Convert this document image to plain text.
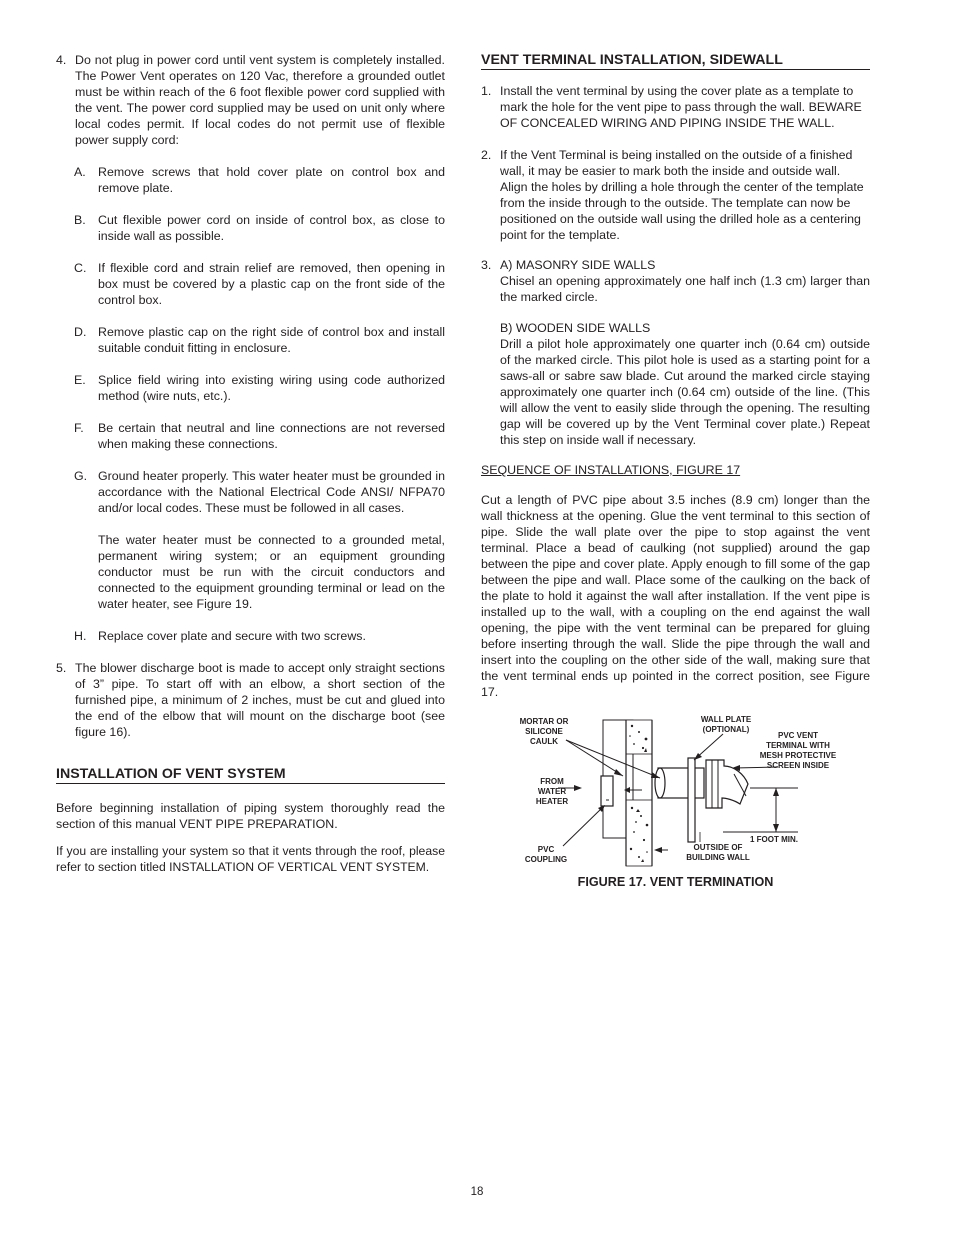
4. Do not plug in power cord until vent system is completely installed. The Power Vent operates on 120 Vac, therefore a grounded outlet must be within reach of the 6 foot flexible power cord supplied with the vent. The power cord supplied may be used on unit only where local codes permit. If local codes do not permit use of flexible power supply cord:
A. Remove screws that hold cover plate on control box and remove plate.
B. Cut flexible power cord on inside of control box, as close to inside wall as possible.
C. If flexible cord and strain relief are removed, then opening in box must be covered by a plastic cap on the front side of the control box.
D. Remove plastic cap on the right side of control box and install suitable conduit fitting in enclosure.
E. Splice field wiring into existing wiring using code authorized method (wire nuts, etc.).
F.	Be certain that neutral and line connections are not reversed when making these connections.
G. Ground heater properly. This water heater must be grounded in accordance with the National Electrical Code ANSI/ NFPA70 and/or local codes. These must be followed in all cases.
The water heater must be connected to a grounded metal, permanent wiring system; or an equipment grounding conductor must be run with the circuit conductors and connected to the equipment grounding terminal or lead on the water heater, see Figure 19.
H. Replace cover plate and secure with two screws.
5. The blower discharge boot is made to accept only straight sections of 3” pipe. To start off with an elbow, a short section of the furnished pipe, a minimum of 2 inches, must be cut and glued into the end of the elbow that will mount on the discharge boot (see figure 16).
INSTALLATION OF VENT SYSTEM

Before beginning installation of piping system thoroughly read the section of this manual VENT PIPE PREPARATION.

If you are installing your system so that it vents through the roof, please refer to section titled INSTALLATION OF VERTICAL VENT SYSTEM.

VENT TERMINAL INSTALLATION, SIDEWALL
1. Install the vent terminal by using the cover plate as a template to mark the hole for the vent pipe to pass through the wall. BEWARE OF CONCEALED WIRING AND PIPING INSIDE THE WALL.
2. If the Vent Terminal is being installed on the outside of a finished wall, it may be easier to mark both the inside and outside wall. Align the holes by drilling a hole through the center of the template from the inside through to the outside. The template can now be positioned on the outside wall using the drilled hole as a centering point for the template.
3. A) MASONRY SIDE WALLS
Chisel an opening approximately one half inch (1.3 cm) larger than the marked circle.
B) WOODEN SIDE WALLS
Drill a pilot hole approximately one quarter inch (0.64 cm) outside of the marked circle. This pilot hole is used as a starting point for a saws-all or sabre saw blade. Cut around the marked circle staying approximately one quarter inch (0.64 cm) outside of the line. (This will allow the vent to easily slide through the opening. The resulting gap will be covered up by the Vent Terminal cover plate.) Repeat this step on inside wall if necessary.
SEQUENCE OF INSTALLATIONS, FIGURE 17

Cut a length of PVC pipe about 3.5 inches (8.9 cm) longer than the wall thickness at the opening. Glue the vent terminal to this section of pipe. Slide the wall plate over the pipe to stop against the vent terminal. Place a bead of caulking (not supplied) around the gap between the pipe and cover plate. Apply enough to fill some of the gap between the pipe and wall. Place some of the caulking on the back of the plate to hold it against the wall after installation. If the vent pipe is installed up to the wall, with a coupling on the end against the wall opening, the pipe with the vent terminal can be prepared for gluing before inserting through the wall. Slide the pipe through the wall and insert into the coupling on the other side of the wall, making sure that the vent terminal ends up pointed in the correct position, see Figure 17.

MORTAR OR
SILICONE
CAULK
WALL PLATE
(OPTIONAL)
PVC VENT
TERMINAL WITH
MESH PROTECTIVE
SCREEN INSIDE
FROM
WATER
HEATER
1 FOOT MIN.
PVC
COUPLING
OUTSIDE OF
BUILDING WALL
FIGURE 17. VENT TERMINATION
18
